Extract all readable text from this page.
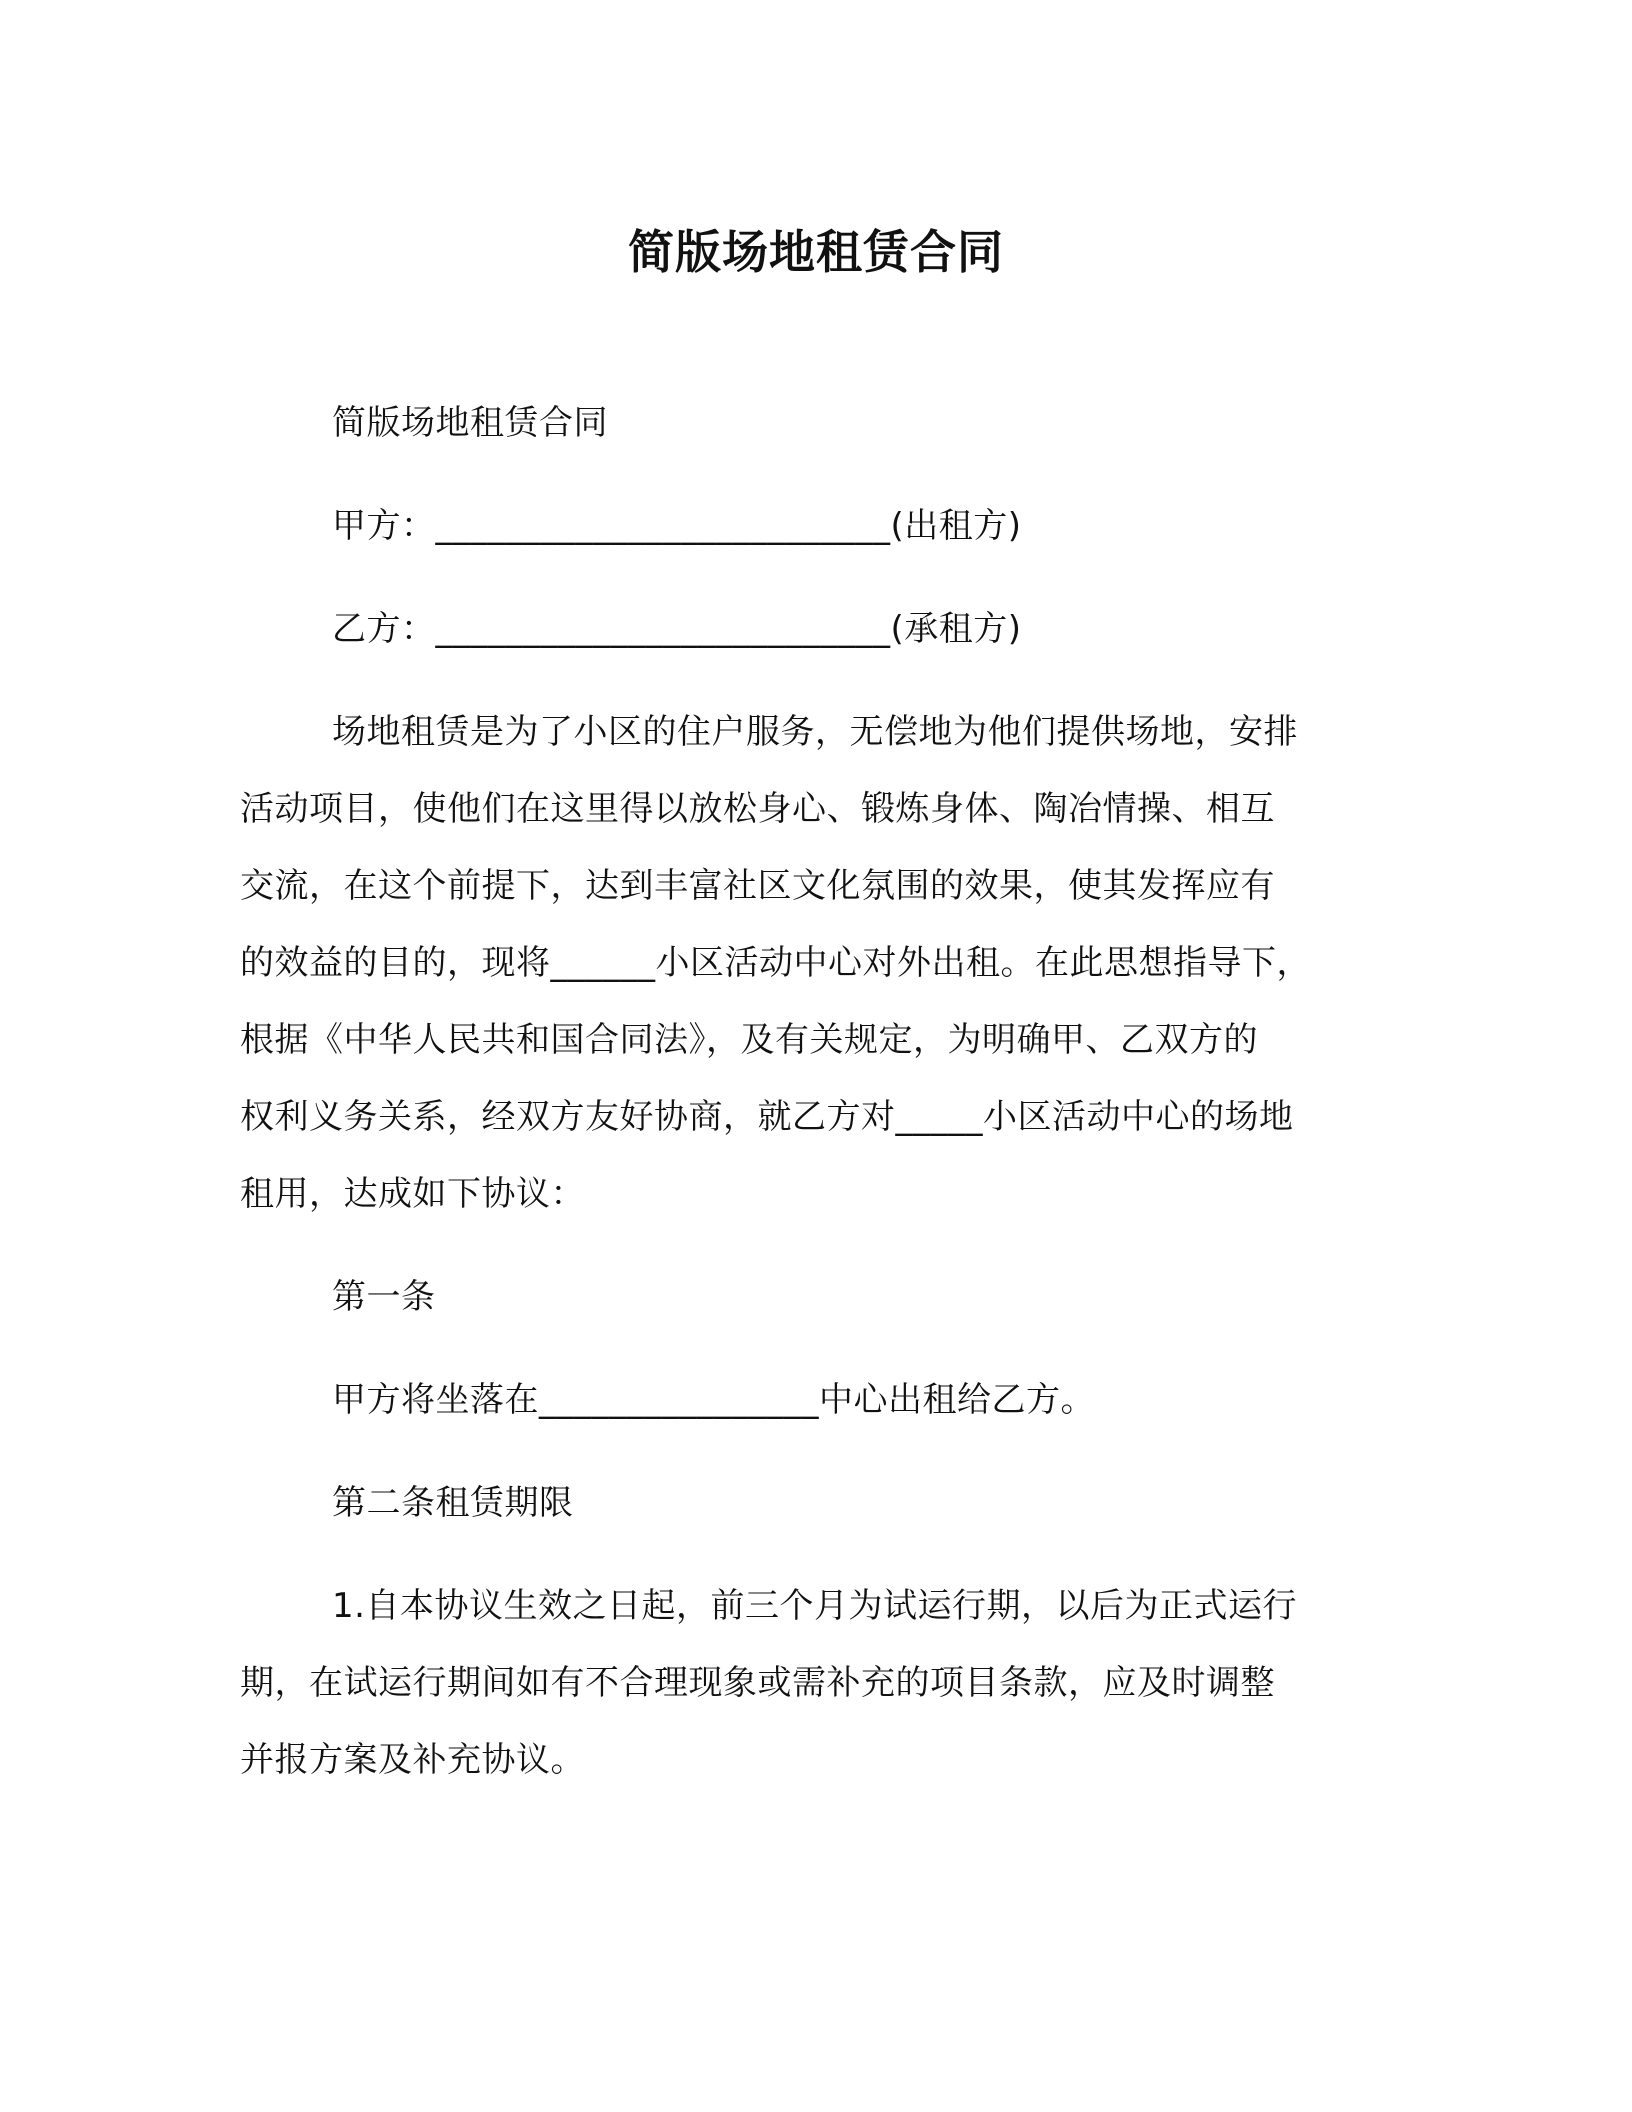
简版场地租赁合同
简版场地租赁合同
甲方：__________________________(出租方)
乙方：__________________________(承租方)
场地租赁是为了小区的住户服务，无偿地为他们提供场地，安排
活动项目，使他们在这里得以放松身心、锻炼身体、陶冶情操、相互
交流，在这个前提下，达到丰富社区文化氛围的效果，使其发挥应有
的效益的目的，现将______小区活动中心对外出租。在此思想指导下，
根据《中华人民共和国合同法》，及有关规定，为明确甲、乙双方的
权利义务关系，经双方友好协商，就乙方对_____小区活动中心的场地
租用，达成如下协议：
第一条
甲方将坐落在________________中心出租给乙方。
第二条租赁期限
1.自本协议生效之日起，前三个月为试运行期，以后为正式运行
期，在试运行期间如有不合理现象或需补充的项目条款，应及时调整
并报方案及补充协议。
